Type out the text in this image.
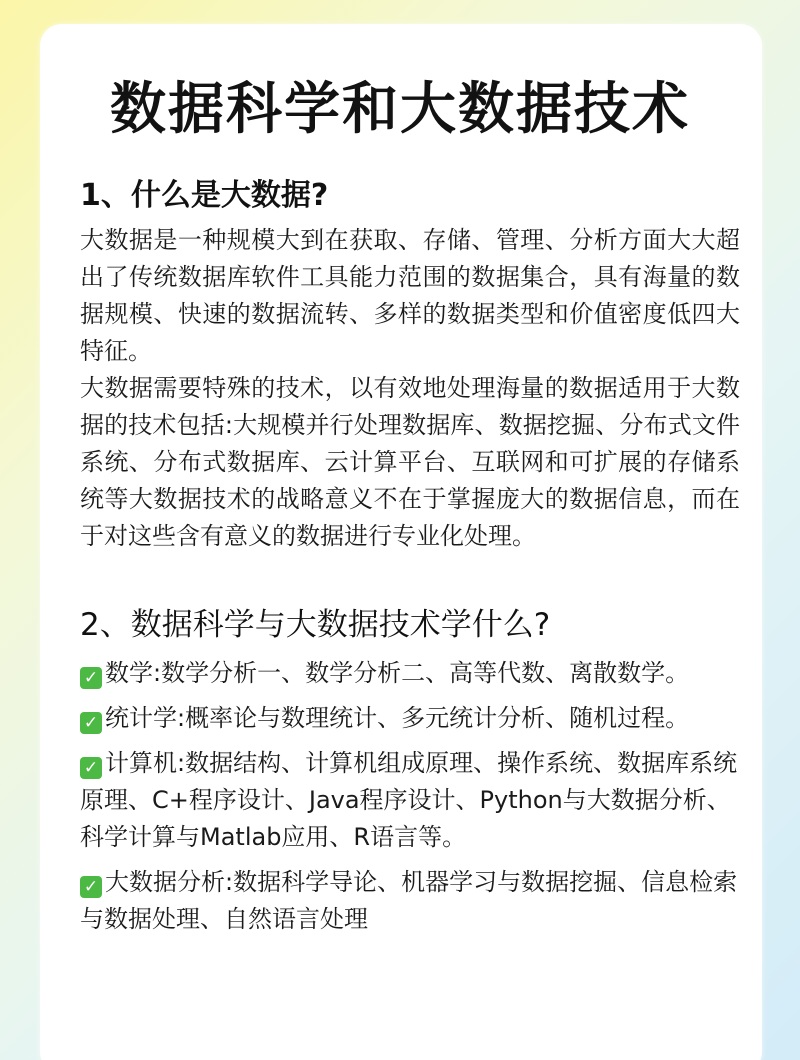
数据科学和大数据技术
1、什么是大数据?

大数据是一种规模大到在获取、存储、管理、分析方面大大超出了传统数据库软件工具能力范围的数据集合，具有海量的数据规模、快速的数据流转、多样的数据类型和价值密度低四大特征。

大数据需要特殊的技术，以有效地处理海量的数据适用于大数据的技术包括:大规模并行处理数据库、数据挖掘、分布式文件系统、分布式数据库、云计算平台、互联网和可扩展的存储系统等大数据技术的战略意义不在于掌握庞大的数据信息，而在于对这些含有意义的数据进行专业化处理。

2、数据科学与大数据技术学什么?

✓ 数学:数学分析一、数学分析二、高等代数、离散数学。

✓ 统计学:概率论与数理统计、多元统计分析、随机过程。

✓ 计算机:数据结构、计算机组成原理、操作系统、数据库系统原理、C+程序设计、Java程序设计、Python与大数据分析、科学计算与Matlab应用、R语言等。

✓ 大数据分析:数据科学导论、机器学习与数据挖掘、信息检索与数据处理、自然语言处理
